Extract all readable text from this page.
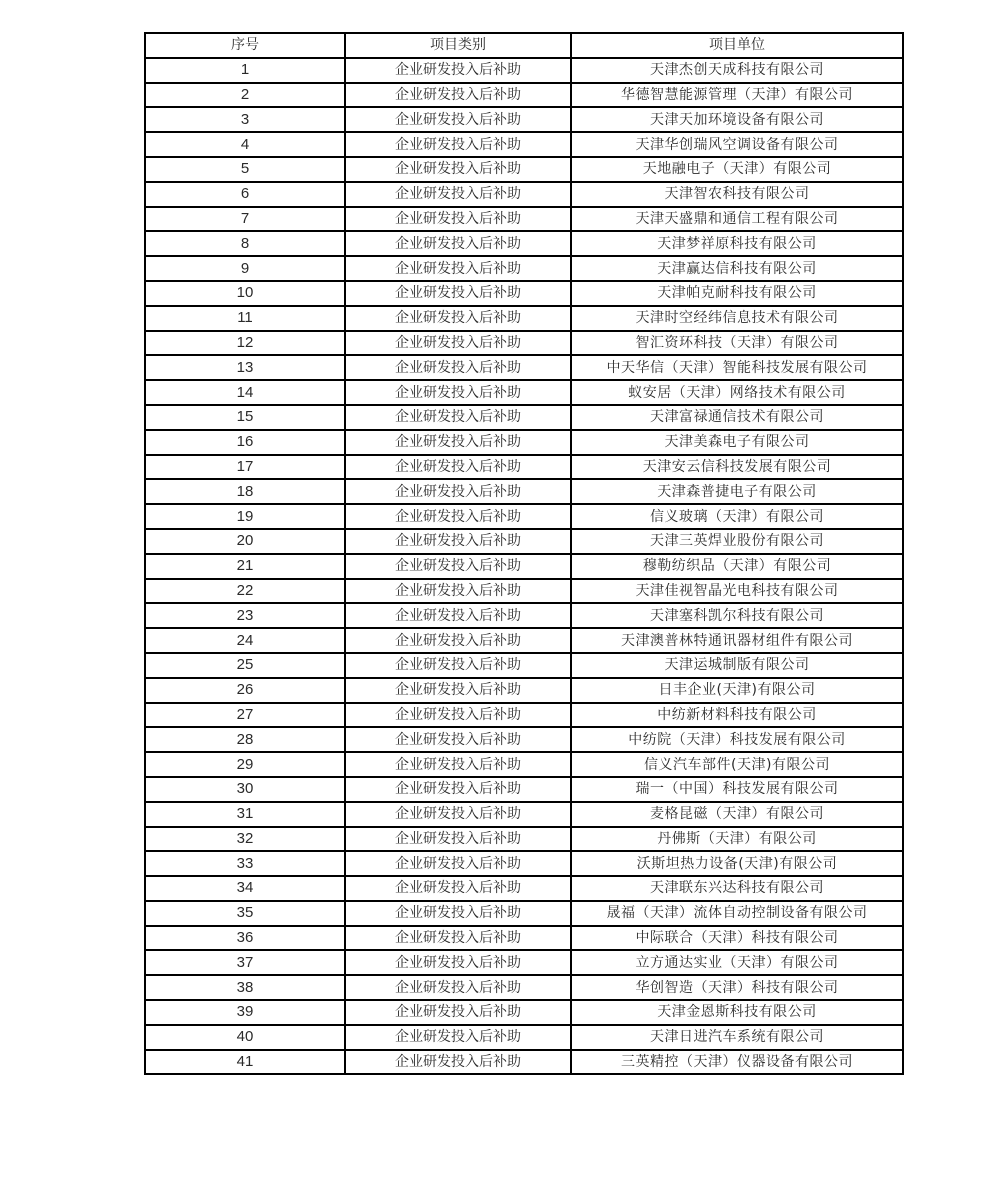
序号	项目类别	项目单位
1	企业研发投入后补助	天津杰创天成科技有限公司
2	企业研发投入后补助	华德智慧能源管理（天津）有限公司
3	企业研发投入后补助	天津天加环境设备有限公司
4	企业研发投入后补助	天津华创瑞风空调设备有限公司
5	企业研发投入后补助	天地融电子（天津）有限公司
6	企业研发投入后补助	天津智农科技有限公司
7	企业研发投入后补助	天津天盛鼎和通信工程有限公司
8	企业研发投入后补助	天津梦祥原科技有限公司
9	企业研发投入后补助	天津赢达信科技有限公司
10	企业研发投入后补助	天津帕克耐科技有限公司
11	企业研发投入后补助	天津时空经纬信息技术有限公司
12	企业研发投入后补助	智汇资环科技（天津）有限公司
13	企业研发投入后补助	中天华信（天津）智能科技发展有限公司
14	企业研发投入后补助	蚁安居（天津）网络技术有限公司
15	企业研发投入后补助	天津富禄通信技术有限公司
16	企业研发投入后补助	天津美森电子有限公司
17	企业研发投入后补助	天津安云信科技发展有限公司
18	企业研发投入后补助	天津森普捷电子有限公司
19	企业研发投入后补助	信义玻璃（天津）有限公司
20	企业研发投入后补助	天津三英焊业股份有限公司
21	企业研发投入后补助	穆勒纺织品（天津）有限公司
22	企业研发投入后补助	天津佳视智晶光电科技有限公司
23	企业研发投入后补助	天津塞科凯尔科技有限公司
24	企业研发投入后补助	天津澳普林特通讯器材组件有限公司
25	企业研发投入后补助	天津运城制版有限公司
26	企业研发投入后补助	日丰企业(天津)有限公司
27	企业研发投入后补助	中纺新材料科技有限公司
28	企业研发投入后补助	中纺院（天津）科技发展有限公司
29	企业研发投入后补助	信义汽车部件(天津)有限公司
30	企业研发投入后补助	瑞一（中国）科技发展有限公司
31	企业研发投入后补助	麦格昆磁（天津）有限公司
32	企业研发投入后补助	丹佛斯（天津）有限公司
33	企业研发投入后补助	沃斯坦热力设备(天津)有限公司
34	企业研发投入后补助	天津联东兴达科技有限公司
35	企业研发投入后补助	晟福（天津）流体自动控制设备有限公司
36	企业研发投入后补助	中际联合（天津）科技有限公司
37	企业研发投入后补助	立方通达实业（天津）有限公司
38	企业研发投入后补助	华创智造（天津）科技有限公司
39	企业研发投入后补助	天津金恩斯科技有限公司
40	企业研发投入后补助	天津日进汽车系统有限公司
41	企业研发投入后补助	三英精控（天津）仪器设备有限公司
